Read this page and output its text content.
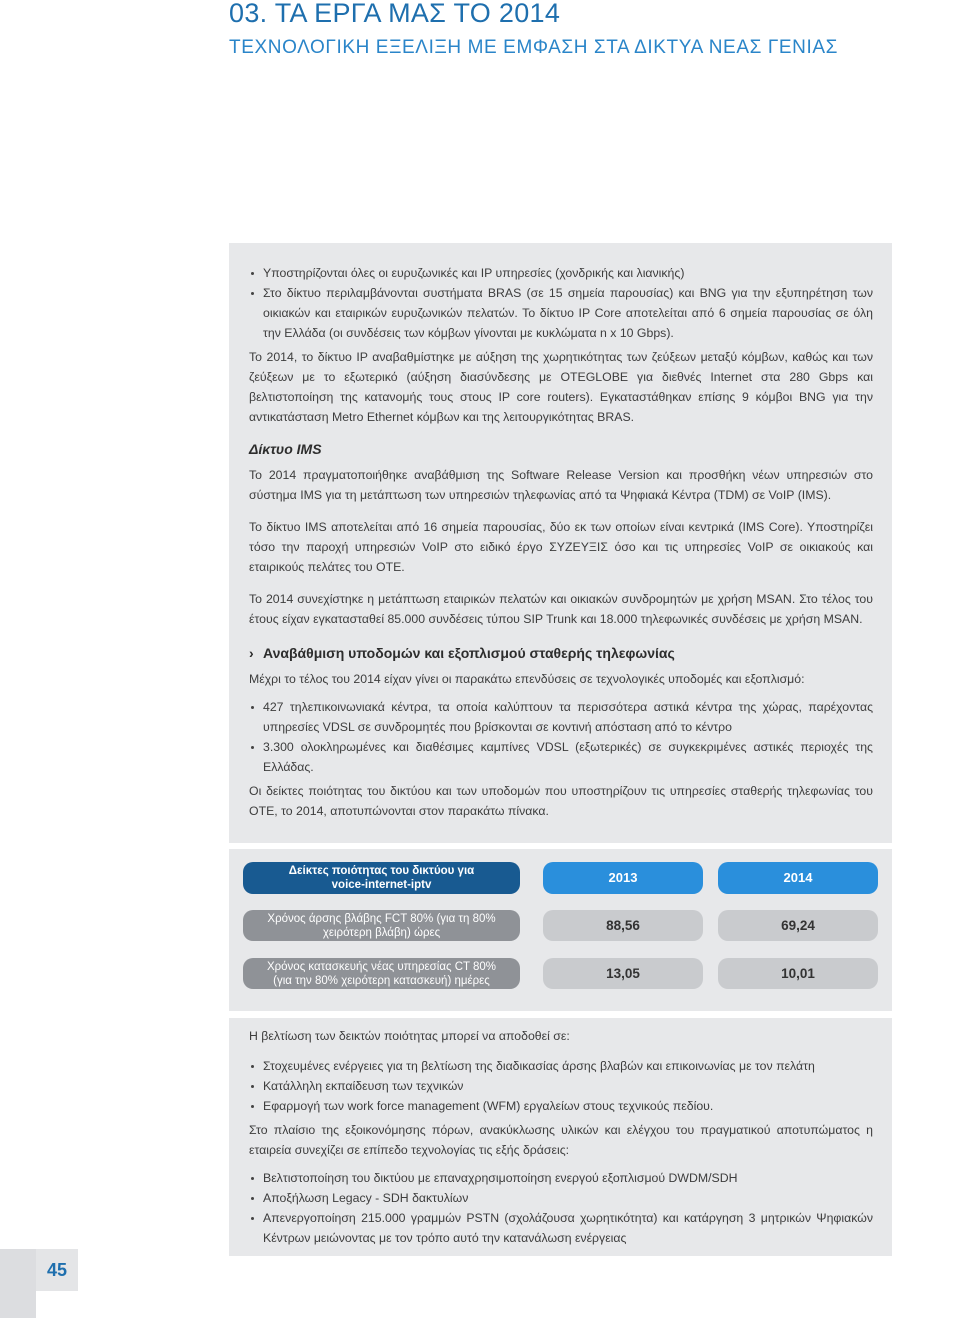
03. ΤΑ ΕΡΓΑ ΜΑΣ ΤΟ 2014
ΤΕΧΝΟΛΟΓΙΚΗ ΕΞΕΛΙΞΗ ΜΕ ΕΜΦΑΣΗ ΣΤΑ ΔΙΚΤΥΑ ΝΕΑΣ ΓΕΝΙΑΣ
Υποστηρίζονται όλες οι ευρυζωνικές και IP υπηρεσίες (χονδρικής και λιανικής)
Στο δίκτυο περιλαμβάνονται συστήματα BRAS (σε 15 σημεία παρουσίας) και BNG για την εξυπηρέτηση των οικιακών και εταιρικών ευρυζωνικών πελατών. Το δίκτυο IP Core αποτελείται από 6 σημεία παρουσίας σε όλη την Ελλάδα (οι συνδέσεις των κόμβων γίνονται με κυκλώματα n x 10 Gbps).

Το 2014, το δίκτυο IP αναβαθμίστηκε με αύξηση της χωρητικότητας των ζεύξεων μεταξύ κόμβων, καθώς και των ζεύξεων με το εξωτερικό (αύξηση διασύνδεσης με OTEGLOBE για διεθνές Internet στα 280 Gbps και βελτιστοποίηση της κατανομής τους στους IP core routers). Εγκαταστάθηκαν επίσης 9 κόμβοι BNG για την αντικατάσταση Metro Ethernet κόμβων και της λειτουργικότητας BRAS.

Δίκτυο IMS

Το 2014 πραγματοποιήθηκε αναβάθμιση της Software Release Version και προσθήκη νέων υπηρεσιών στο σύστημα IMS για τη μετάπτωση των υπηρεσιών τηλεφωνίας από τα Ψηφιακά Κέντρα (TDM) σε VoIP (IMS).

Το δίκτυο IMS αποτελείται από 16 σημεία παρουσίας, δύο εκ των οποίων είναι κεντρικά (IMS Core). Υποστηρίζει τόσο την παροχή υπηρεσιών VoIP στο ειδικό έργο ΣΥΖΕΥΞΙΣ όσο και τις υπηρεσίες VoIP σε οικιακούς και εταιρικούς πελάτες του ΟΤΕ.

Το 2014 συνεχίστηκε η μετάπτωση εταιρικών πελατών και οικιακών συνδρομητών με χρήση MSAN. Στο τέλος του έτους είχαν εγκατασταθεί 85.000 συνδέσεις τύπου SIP Trunk και 18.000 τηλεφωνικές συνδέσεις με χρήση MSAN.

› Αναβάθμιση υποδομών και εξοπλισμού σταθερής τηλεφωνίας

Μέχρι το τέλος του 2014 είχαν γίνει οι παρακάτω επενδύσεις σε τεχνολογικές υποδομές και εξοπλισμό:

427 τηλεπικοινωνιακά κέντρα, τα οποία καλύπτουν τα περισσότερα αστικά κέντρα της χώρας, παρέχοντας υπηρεσίες VDSL σε συνδρομητές που βρίσκονται σε κοντινή απόσταση από το κέντρο
3.300 ολοκληρωμένες και διαθέσιμες καμπίνες VDSL (εξωτερικές) σε συγκεκριμένες αστικές περιοχές της Ελλάδας.

Οι δείκτες ποιότητας του δικτύου και των υποδομών που υποστηρίζουν τις υπηρεσίες σταθερής τηλεφωνίας του ΟΤΕ, το 2014, αποτυπώνονται στον παρακάτω πίνακα.

Δείκτες ποιότητας του δικτύου για
voice-internet-iptv	2013	2014
Χρόνος άρσης βλάβης FCT 80% (για τη 80%
χειρότερη βλάβη) ώρες	88,56	69,24
Χρόνος κατασκευής νέας υπηρεσίας CT 80%
(για την 80% χειρότερη κατασκευή) ημέρες	13,05	10,01

Η βελτίωση των δεικτών ποιότητας μπορεί να αποδοθεί σε:

Στοχευμένες ενέργειες για τη βελτίωση της διαδικασίας άρσης βλαβών και επικοινωνίας με τον πελάτη
Κατάλληλη εκπαίδευση των τεχνικών
Εφαρμογή των work force management (WFM) εργαλείων στους τεχνικούς πεδίου.

Στο πλαίσιο της εξοικονόμησης πόρων, ανακύκλωσης υλικών και ελέγχου του πραγματικού αποτυπώματος η εταιρεία συνεχίζει σε επίπεδο τεχνολογίας τις εξής δράσεις:

Βελτιστοποίηση του δικτύου με επαναχρησιμοποίηση ενεργού εξοπλισμού DWDM/SDH
Αποξήλωση Legacy - SDH δακτυλίων
Απενεργοποίηση 215.000 γραμμών PSTN (σχολάζουσα χωρητικότητα) και κατάργηση 3 μητρικών Ψηφιακών Κέντρων μειώνοντας με τον τρόπο αυτό την κατανάλωση ενέργειας
45
